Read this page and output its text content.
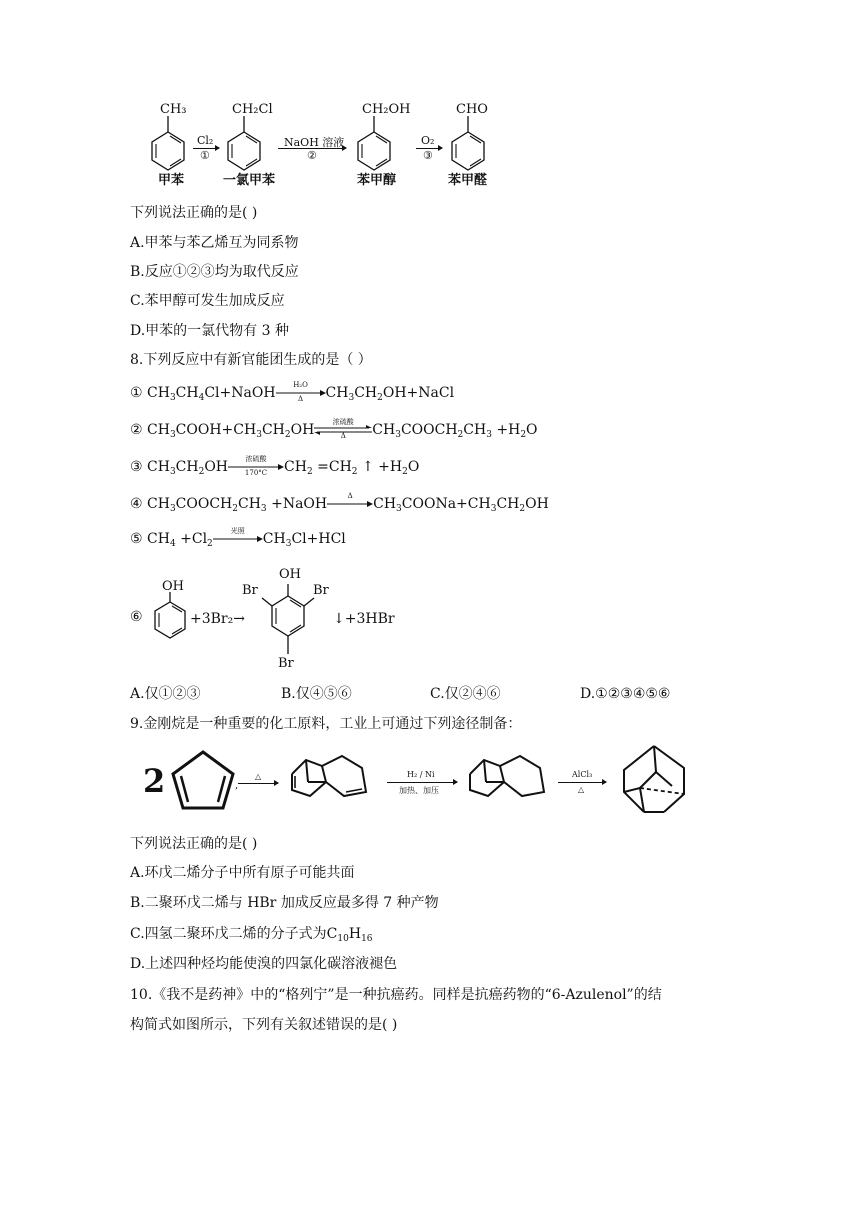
CH₃
甲苯
Cl₂
①
CH₂Cl
一氯甲苯
NaOH 溶液
②
CH₂OH
苯甲醇
O₂
③
CHO
苯甲醛
下列说法正确的是( )
A.甲苯与苯乙烯互为同系物
B.反应①②③均为取代反应
C.苯甲醇可发生加成反应
D.甲苯的一氯代物有 3 种
8.下列反应中有新官能团生成的是（ ）
① $CH_3CH_4Cl+NaOH$	H₂O
Δ	$CH_3CH_2OH+NaCl$
② $CH_3COOH+CH_3CH_2OH$	浓硫酸
Δ	$CH_3COOCH_2CH_3 +H_2O$
③ $CH_3CH_2OH$	浓硫酸
170°C	$CH_2 =CH_2$ ↑ $+H_2O$
④ $CH_3COOCH_2CH_3$ +NaOH	Δ	$CH_3COONa+CH_3CH_2OH$
⑤ $CH_4 +Cl_2$
光照	$CH_3Cl+HCl$
⑥
OH
+3Br₂→
OH
Br	Br
Br
↓+3HBr
A.仅①②③	B.仅④⑤⑥	C.仅②④⑥	D.①②③④⑤⑥
9.金刚烷是一种重要的化工原料，工业上可通过下列途径制备：
2	,
△	H₂ / Ni
加热、加压
AlCl₃
△
下列说法正确的是( )
A.环戊二烯分子中所有原子可能共面
B.二聚环戊二烯与 HBr 加成反应最多得 7 种产物
C.四氢二聚环戊二烯的分子式为$C_{10}H_{16}$
D.上述四种烃均能使溴的四氯化碳溶液褪色
10.《我不是药神》中的“格列宁”是一种抗癌药。同样是抗癌药物的“6-Azulenol”的结
构简式如图所示，下列有关叙述错误的是( )
